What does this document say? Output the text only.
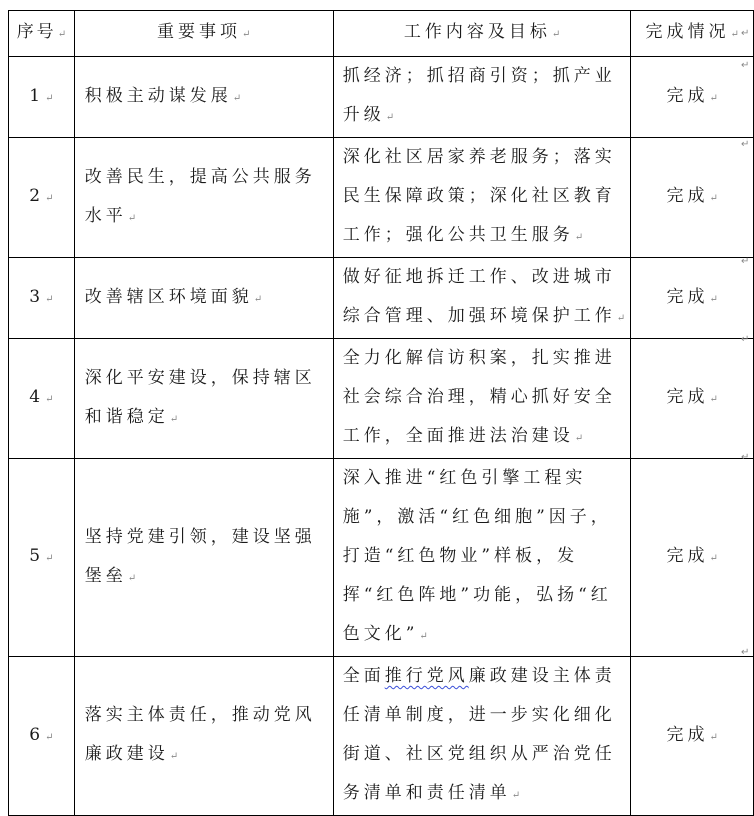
序号↵	重要事项↵	工作内容及目标↵	完成情况↵
1↵	积极主动谋发展↵	抓经济；抓招商引资；抓产业升级↵	完成↵
2↵	改善民生，提高公共服务水平↵	深化社区居家养老服务；落实民生保障政策；深化社区教育工作；强化公共卫生服务↵	完成↵
3↵	改善辖区环境面貌↵	做好征地拆迁工作、改进城市综合管理、加强环境保护工作↵	完成↵
4↵	深化平安建设，保持辖区和谐稳定↵	全力化解信访积案，扎实推进社会综合治理，精心抓好安全工作，全面推进法治建设↵	完成↵
5↵	坚持党建引领，建设坚强堡垒↵	深入推进“红色引擎工程实施”，激活“红色细胞”因子，打造“红色物业”样板，发挥“红色阵地”功能，弘扬“红色文化”↵	完成↵
6↵	落实主体责任，推动党风廉政建设↵	全面推行党风廉政建设主体责任清单制度，进一步实化细化街道、社区党组织从严治党任务清单和责任清单↵	完成↵
↵
↵
↵
↵
↵
↵
↵
